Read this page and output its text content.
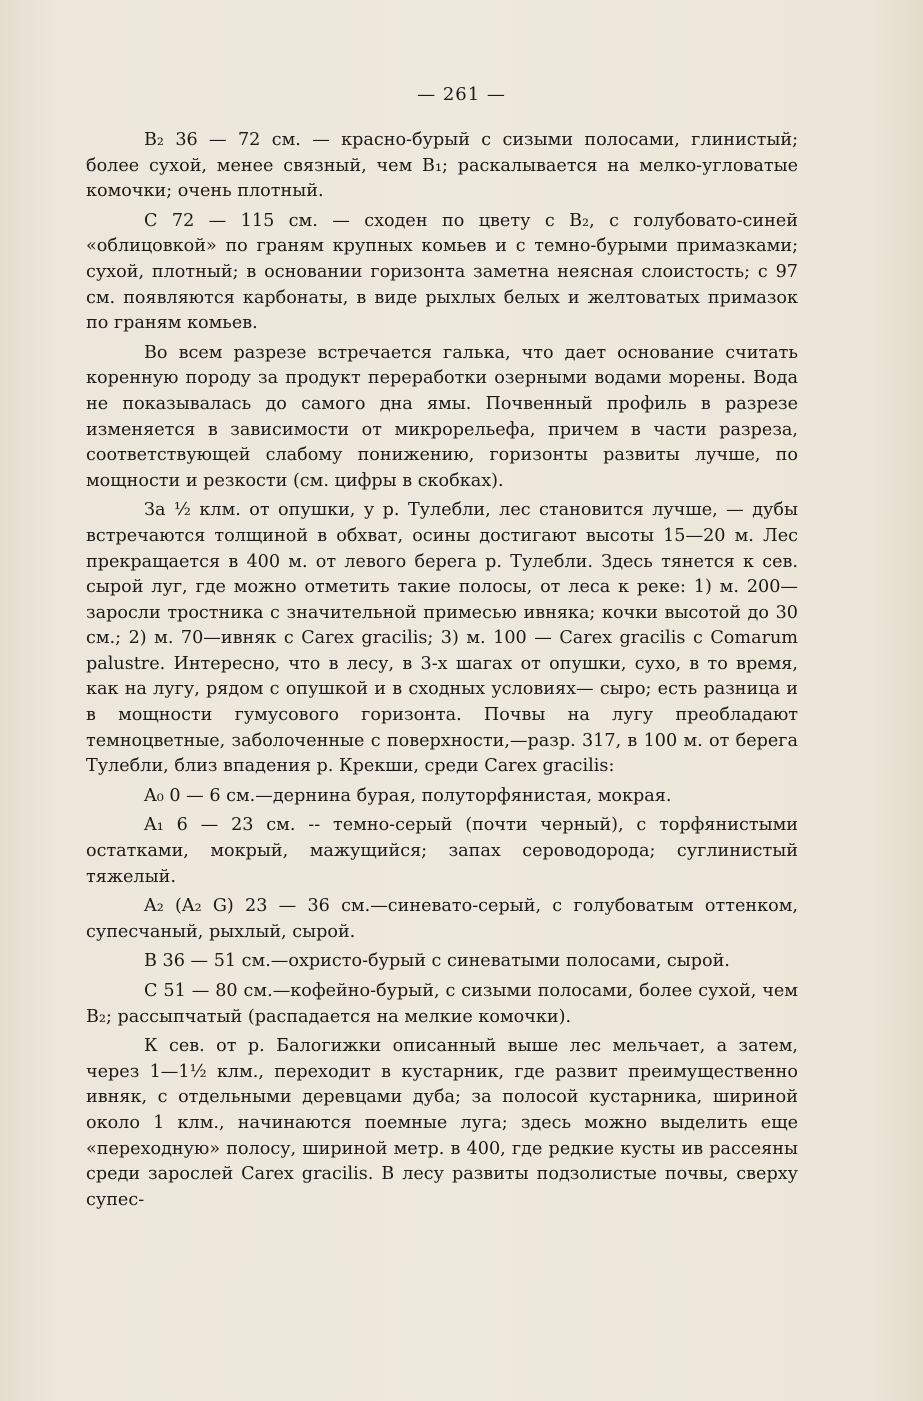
— 261 —

B₂ 36 — 72 см. — красно-бурый с сизыми полосами, глинистый; более сухой, менее связный, чем B₁; раскалывается на мелко-угловатые комочки; очень плотный.

C 72 — 115 см. — сходен по цвету с B₂, с голубовато-синей «облицовкой» по граням крупных комьев и с темно-бурыми примазками; сухой, плотный; в основании горизонта заметна неясная слоистость; с 97 см. появляются карбонаты, в виде рыхлых белых и желтоватых примазок по граням комьев.

Во всем разрезе встречается галька, что дает основание считать коренную породу за продукт переработки озерными водами морены. Вода не показывалась до самого дна ямы. Почвенный профиль в разрезе изменяется в зависимости от микрорельефа, причем в части разреза, соответствующей слабому понижению, горизонты развиты лучше, по мощности и резкости (см. цифры в скобках).

За ½ клм. от опушки, у р. Тулебли, лес становится лучше, — дубы встречаются толщиной в обхват, осины достигают высоты 15—20 м. Лес прекращается в 400 м. от левого берега р. Тулебли. Здесь тянется к сев. сырой луг, где можно отметить такие полосы, от леса к реке: 1) м. 200— заросли тростника с значительной примесью ивняка; кочки высотой до 30 см.; 2) м. 70—ивняк с Carex gracilis; 3) м. 100 — Carex gracilis с Comarum palustre. Интересно, что в лесу, в 3-х шагах от опушки, сухо, в то время, как на лугу, рядом с опушкой и в сходных условиях— сыро; есть разница и в мощности гумусового горизонта. Почвы на лугу преобладают темноцветные, заболоченные с поверхности,—разр. 317, в 100 м. от берега Тулебли, близ впадения р. Крекши, среди Carex gracilis:

A₀ 0 — 6 см.—дернина бурая, полуторфянистая, мокрая.

A₁ 6 — 23 см. -- темно-серый (почти черный), с торфянистыми остатками, мокрый, мажущийся; запах сероводорода; суглинистый тяжелый.

A₂ (A₂ G) 23 — 36 см.—синевато-серый, с голубоватым оттенком, супесчаный, рыхлый, сырой.

B 36 — 51 см.—охристо-бурый с синеватыми полосами, сырой.

C 51 — 80 см.—кофейно-бурый, с сизыми полосами, более сухой, чем B₂; рассыпчатый (распадается на мелкие комочки).

К сев. от р. Балогижки описанный выше лес мельчает, а затем, через 1—1½ клм., переходит в кустарник, где развит преимущественно ивняк, с отдельными деревцами дуба; за полосой кустарника, шириной около 1 клм., начинаются поемные луга; здесь можно выделить еще «переходную» полосу, шириной метр. в 400, где редкие кусты ив рассеяны среди зарослей Carex gracilis. В лесу развиты подзолистые почвы, сверху супес-
